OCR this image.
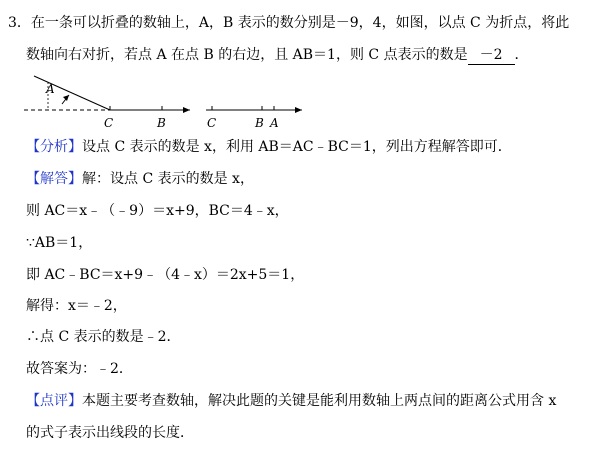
3．在一条可以折叠的数轴上，A，B 表示的数分别是－9，4，如图，以点 C 为折点，将此
数轴向右对折，若点 A 在点 B 的右边，且 AB＝1，则 C 点表示的数是 －2 ．
A
C	B	C	B A
【分析】设点 C 表示的数是 x，利用 AB＝AC﹣BC＝1，列出方程解答即可．
【解答】解：设点 C 表示的数是 x，
则 AC＝x﹣（﹣9）＝x+9，BC＝4﹣x，
∵AB＝1，
即 AC﹣BC＝x+9﹣（4﹣x）＝2x+5＝1，
解得：x＝﹣2，
∴点 C 表示的数是﹣2．
故答案为：﹣2．
【点评】本题主要考查数轴，解决此题的关键是能利用数轴上两点间的距离公式用含 x
的式子表示出线段的长度．
